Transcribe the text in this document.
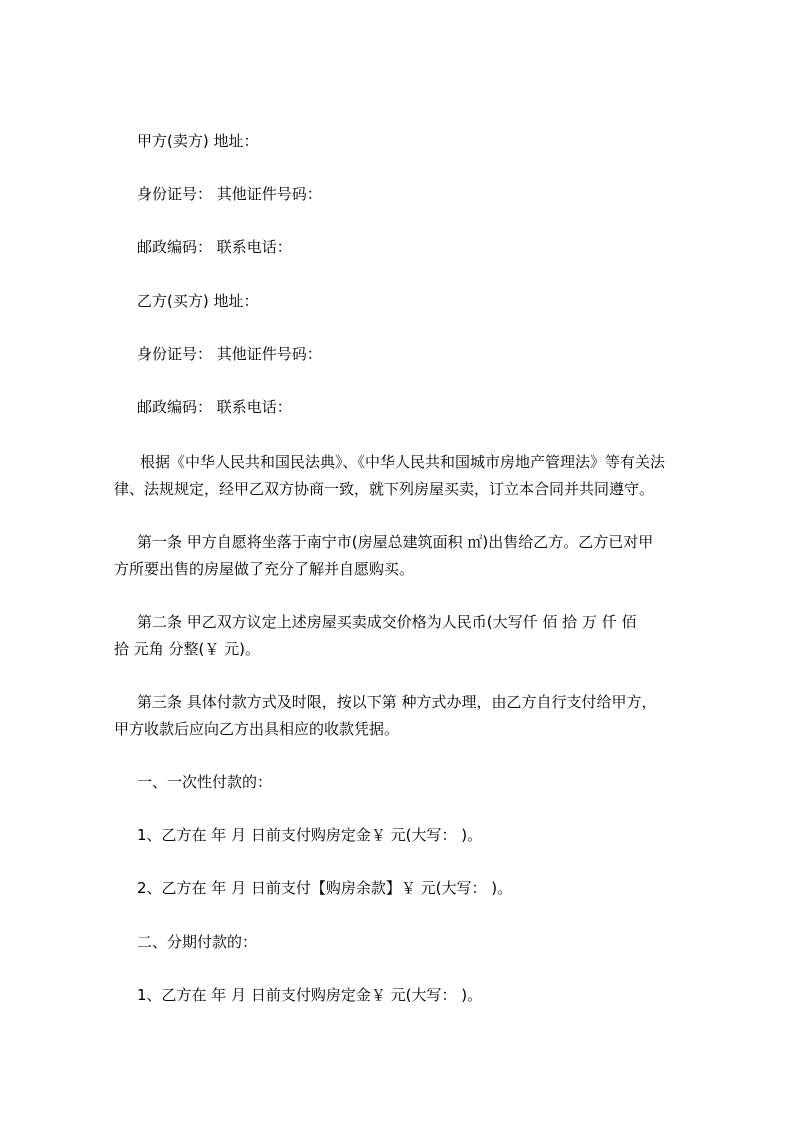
甲方(卖方) 地址：
身份证号： 其他证件号码：
邮政编码： 联系电话：
乙方(买方) 地址：
身份证号： 其他证件号码：
邮政编码： 联系电话：
根据《中华人民共和国民法典》、《中华人民共和国城市房地产管理法》等有关法
律、法规规定，经甲乙双方协商一致，就下列房屋买卖，订立本合同并共同遵守。
第一条 甲方自愿将坐落于南宁市(房屋总建筑面积 ㎡)出售给乙方。乙方已对甲
方所要出售的房屋做了充分了解并自愿购买。
第二条 甲乙双方议定上述房屋买卖成交价格为人民币(大写仟 佰 拾 万 仟 佰
拾 元角 分整(￥ 元)。
第三条 具体付款方式及时限，按以下第 种方式办理，由乙方自行支付给甲方，
甲方收款后应向乙方出具相应的收款凭据。
一、一次性付款的：
1、乙方在 年 月 日前支付购房定金￥ 元(大写： )。
2、乙方在 年 月 日前支付【购房余款】￥ 元(大写： )。
二、分期付款的：
1、乙方在 年 月 日前支付购房定金￥ 元(大写： )。
